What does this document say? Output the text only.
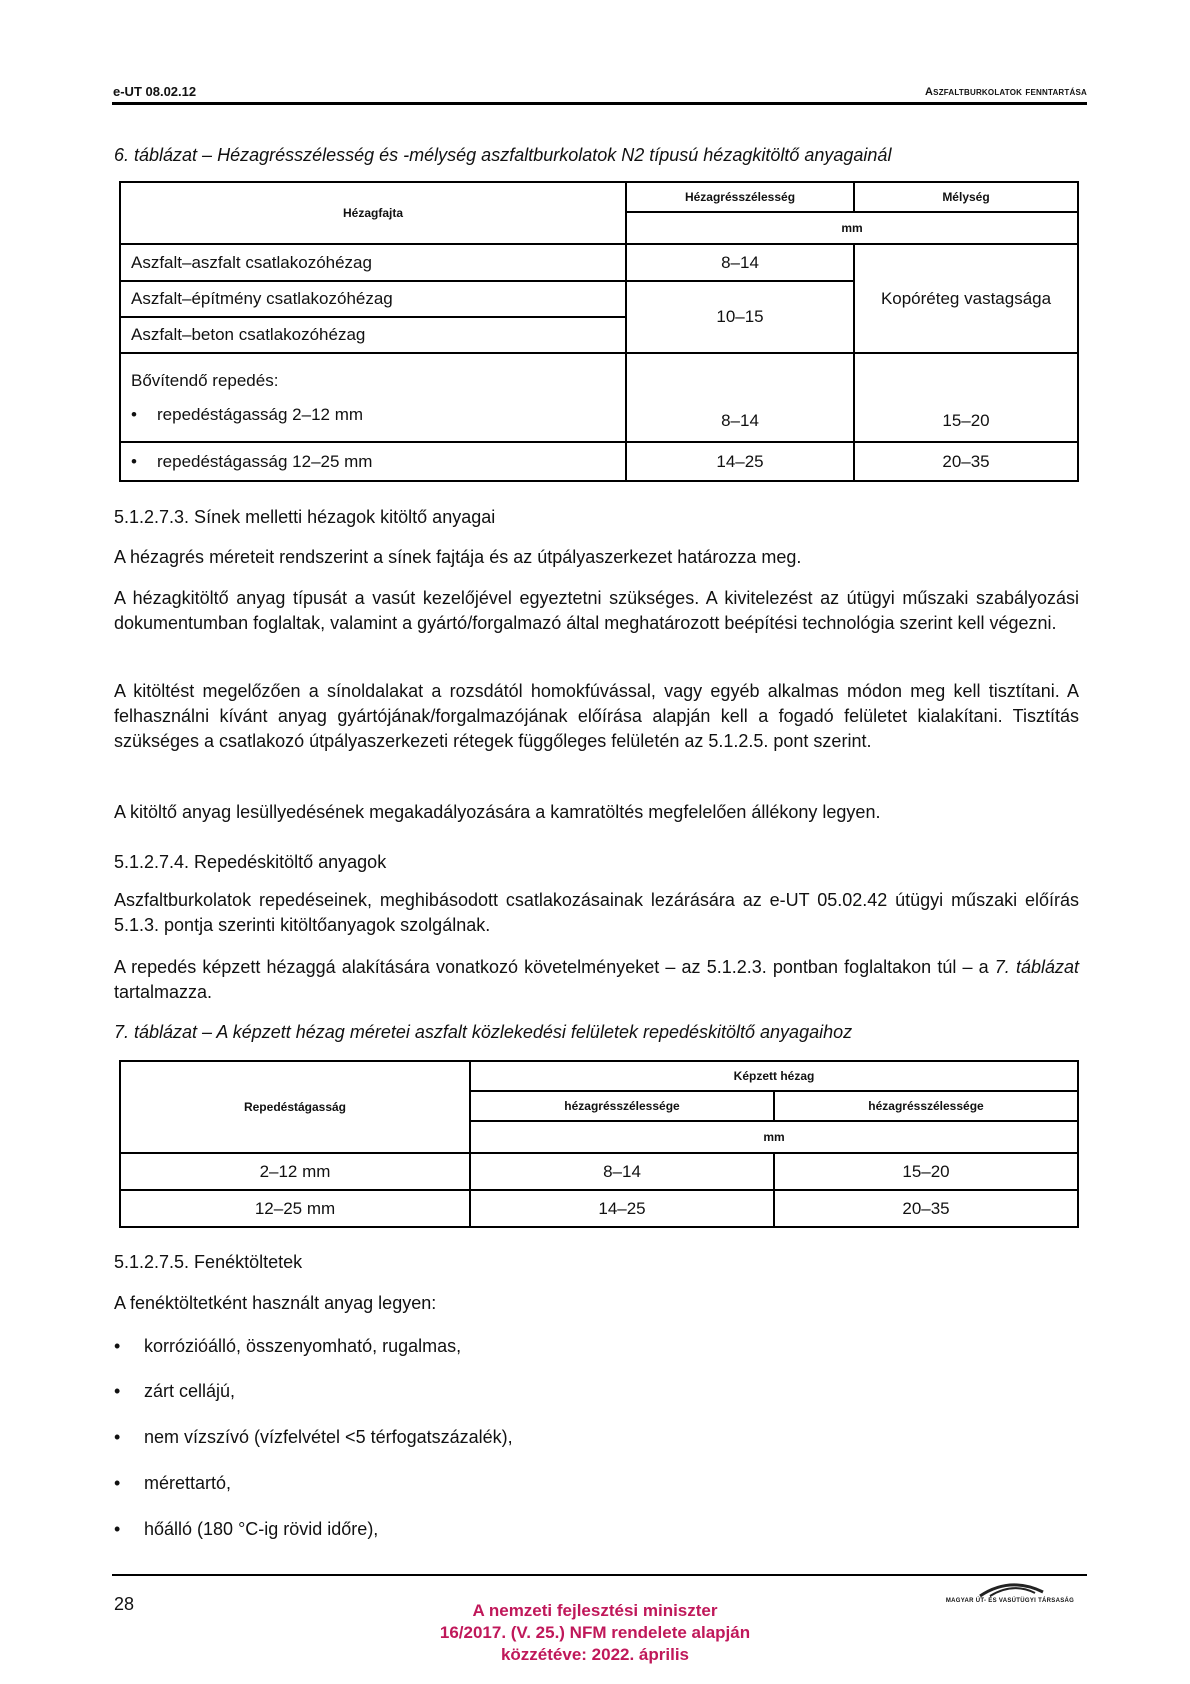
e-UT 08.02.12	Aszfaltburkolatok fenntartása
6. táblázat – Hézagrésszélesség és -mélység aszfaltburkolatok N2 típusú hézagkitöltő anyagainál
Hézagfajta	Hézagrésszélesség	Mélység
	mm	
Aszfalt–aszfalt csatlakozóhézag	8–14	Kopóréteg vastagsága
Aszfalt–építmény csatlakozóhézag	10–15	
Aszfalt–beton csatlakozóhézag		

Bővítendő repedés:
• repedéstágasság 2–12 mm	8–14	15–20
• repedéstágasság 12–25 mm	14–25	20–35
5.1.2.7.3. Sínek melletti hézagok kitöltő anyagai
A hézagrés méreteit rendszerint a sínek fajtája és az útpályaszerkezet határozza meg.
A hézagkitöltő anyag típusát a vasút kezelőjével egyeztetni szükséges. A kivitelezést az útügyi műszaki szabályozási dokumentumban foglaltak, valamint a gyártó/forgalmazó által meghatározott beépítési technológia szerint kell végezni.
A kitöltést megelőzően a sínoldalakat a rozsdától homokfúvással, vagy egyéb alkalmas módon meg kell tisztítani. A felhasználni kívánt anyag gyártójának/forgalmazójának előírása alapján kell a fogadó felületet kialakítani. Tisztítás szükséges a csatlakozó útpályaszerkezeti rétegek függőleges felületén az 5.1.2.5. pont szerint.
A kitöltő anyag lesüllyedésének megakadályozására a kamratöltés megfelelően állékony legyen.
5.1.2.7.4. Repedéskitöltő anyagok
Aszfaltburkolatok repedéseinek, meghibásodott csatlakozásainak lezárására az e-UT 05.02.42 útügyi műszaki előírás 5.1.3. pontja szerinti kitöltőanyagok szolgálnak.
A repedés képzett hézaggá alakítására vonatkozó követelményeket – az 5.1.2.3. pontban foglaltakon túl – a 7. táblázat tartalmazza.
7. táblázat – A képzett hézag méretei aszfalt közlekedési felületek repedéskitöltő anyagaihoz
Repedéstágasság	Képzett hézag	
	hézagrésszélessége	hézagrésszélessége
	mm	
2–12 mm	8–14	15–20
12–25 mm	14–25	20–35
5.1.2.7.5. Fenéktöltetek
A fenéktöltetként használt anyag legyen:
• korrózióálló, összenyomható, rugalmas,
• zárt cellájú,
• nem vízszívó (vízfelvétel <5 térfogatszázalék),
• mérettartó,
• hőálló (180 °C-ig rövid időre),
28	A nemzeti fejlesztési miniszter
16/2017. (V. 25.) NFM rendelete alapján
közzétéve: 2022. április
MAGYAR ÚT- ÉS VASÚTÜGYI TÁRSASÁG
